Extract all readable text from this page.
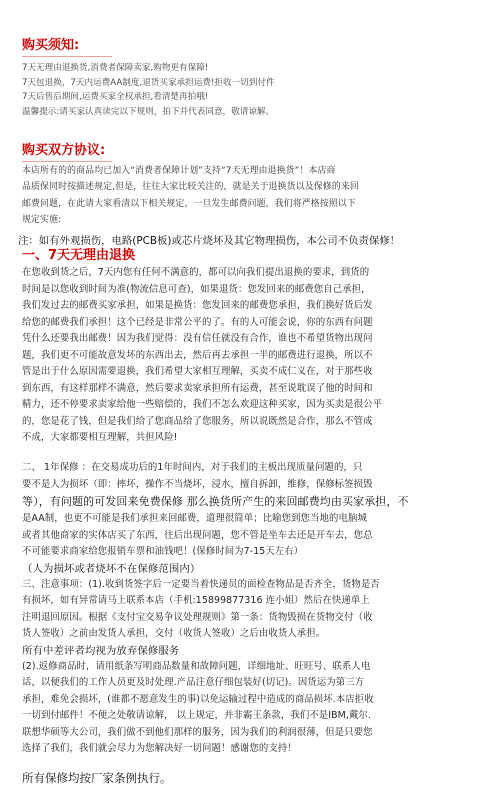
购买须知:
7天无理由退换货,消费者保障卖家,购物更有保障!
7天包退换，7天内运费AA制度,退货买家承担运费!拒收一切到付件
7天后售后期间,运费买家全权承担,看清楚再拍哦!
温馨提示:请买家认真读完以下规则，拍下并代表同意，敬请谅解。
购买双方协议:
本店所有的的商品均已加入“消费者保障计划”支持“7天无理由退换货”！本店商
品质保同时按描述规定,但是，往往大家比较关注的，就是关于退换货以及保修的来回
邮费问题，在此请大家看清以下相关规定，一旦发生邮费问题，我们将严格按照以下
规定实施:
注：如有外观损伤，电路(PCB板)或芯片烧坏及其它物理损伤，本公司不负责保修！
一、7天无理由退换
在您收到货之后，7天内您有任何不满意的，都可以向我们提出退换的要求，到货的
时间是以您收到时间为准(物流信息可查)，如果退货：您发回来的邮费您自己承担，
我们发过去的邮费买家承担，如果是换货：您发回来的邮费您承担，我们换好货后发
给您的邮费我们承担！这个已经是非常公平的了。有的人可能会说，你的东西有问题
凭什么还要我出邮费！因为我们觉得：没有信任就没有合作，谁也不希望货物出现问
题，我们更不可能故意发坏的东西出去，然后再去承担一半的邮费进行退换，所以不
管是出于什么原因需要退换，我们希望大家相互理解，买卖不成仁义在，对于那些收
到东西，有这样那样不满意，然后要求卖家承担所有运费，甚至说耽误了他的时间和
精力，还不停要求卖家给他一些赔偿的，我们不怎么欢迎这种买家，因为买卖是很公平
的，您是花了钱，但是我们给了您商品给了您服务，所以说既然是合作，那么不管成
不成，大家都要相互理解，共担风险!
二、 1年保修 ：在交易成功后的1年时间内，对于我们的主板出现质量问题的，只
要不是人为损坏（即：摔坏，操作不当烧坏，浸水，擅自拆卸，维修，保修标签损毁
等），有问题的可发回来免费保修 那么换货所产生的来回邮费均由买家承担，不
是AA制，也更不可能是我们承担来回邮费，道理很简单；比喻您到您当地的电脑城
或者其他商家的实体店买了东西，往后出现问题，您不管是坐车去还是开车去，您总
不可能要求商家给您报销车票和油钱吧！(保修时间为7-15天左右）
（人为损坏或者烧坏不在保修范围内）
三、注意事项：(1).收到货签字后一定要当着快递员的面检查物品是否齐全，货物是否
有损坏，如有异常请马上联系本店（手机:15899877316 连小姐）然后在快递单上
注明退回原因。根据《支付宝交易争议处理规则》第一条：货物毁损在货物交付（收
货人签收）之前由发货人承担，交付（收货人签收）之后由收货人承担。
所有中差评者均视为放弃保修服务
(2).返修商品时，请用纸条写明商品数量和故障问题，详细地址、旺旺号、联系人电
话，以便我们的工作人员更及时处理.产品注意仔细包装好(切记)。因货运为第三方
承担，难免会损坏，(谁都不愿意发生的事)以免运输过程中造成的商品损坏.本店拒收
一切到付邮件！不便之处敬请谅解， 以上规定，并非霸王条款，我们不是IBM,戴尔.
联想华硕等大公司，我们做不到他们那样的服务，因为我们的利润很薄，但是只要您
选择了我们，我们就会尽力为您解决好一切问题！感谢您的支持！
所有保修均按厂家条例执行。
